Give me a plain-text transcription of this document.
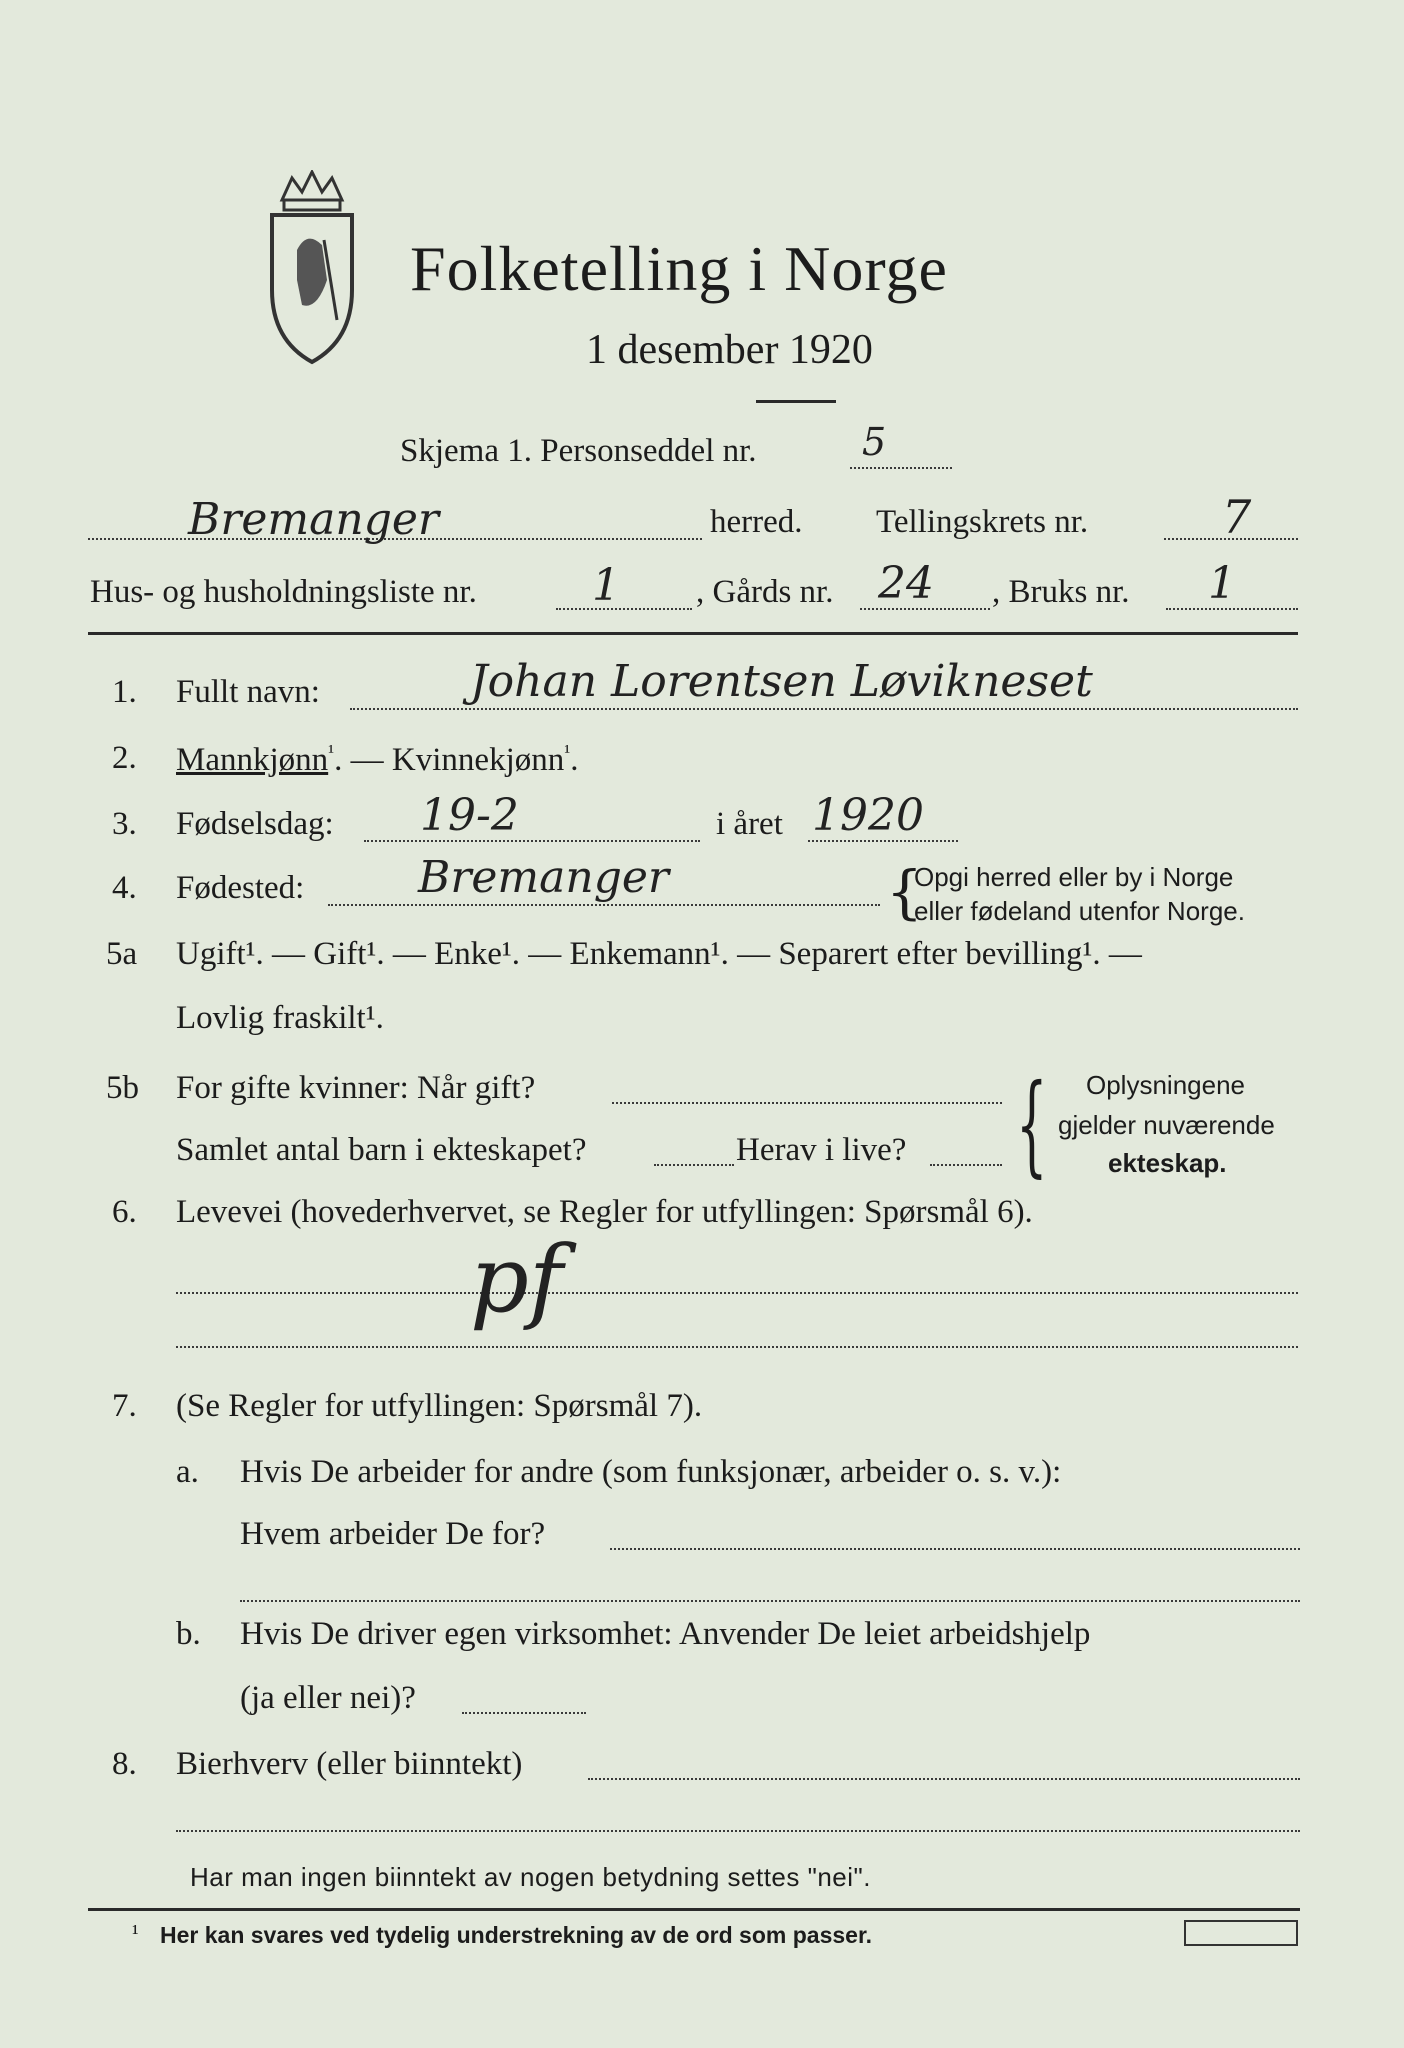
Folketelling i Norge
1 desember 1920
Skjema 1. Personseddel nr.	5
Bremanger	herred. Tellingskrets nr.	7
Hus- og husholdningsliste nr.	1 , Gårds nr. 24 , Bruks nr. 1
1. Fullt navn:	Johan Lorentsen Løvikneset
2. Mannkjønn$^{^1}$. — Kvinnekjønn$^{^1}$.
3. Fødselsdag: 19-2	i året 1920
4. Fødested:	Bremanger	{
Opgi herred eller by i Norge
eller fødeland utenfor Norge.
5a Ugift¹. — Gift¹. — Enke¹. — Enkemann¹. — Separert efter bevilling¹. —
Lovlig fraskilt¹.
5b For gifte kvinner: Når gift?
Samlet antal barn i ekteskapet?	Herav i live? { Oplysningene
gjelder nuværende
ekteskap.
6. Levevei (hovederhvervet, se Regler for utfyllingen: Spørsmål 6).
pf
7. (Se Regler for utfyllingen: Spørsmål 7).
a. Hvis De arbeider for andre (som funksjonær, arbeider o. s. v.):
Hvem arbeider De for?
b. Hvis De driver egen virksomhet: Anvender De leiet arbeidshjelp
(ja eller nei)?
8. Bierhverv (eller biinntekt)
Har man ingen biinntekt av nogen betydning settes "nei".
¹ Her kan svares ved tydelig understrekning av de ord som passer.
